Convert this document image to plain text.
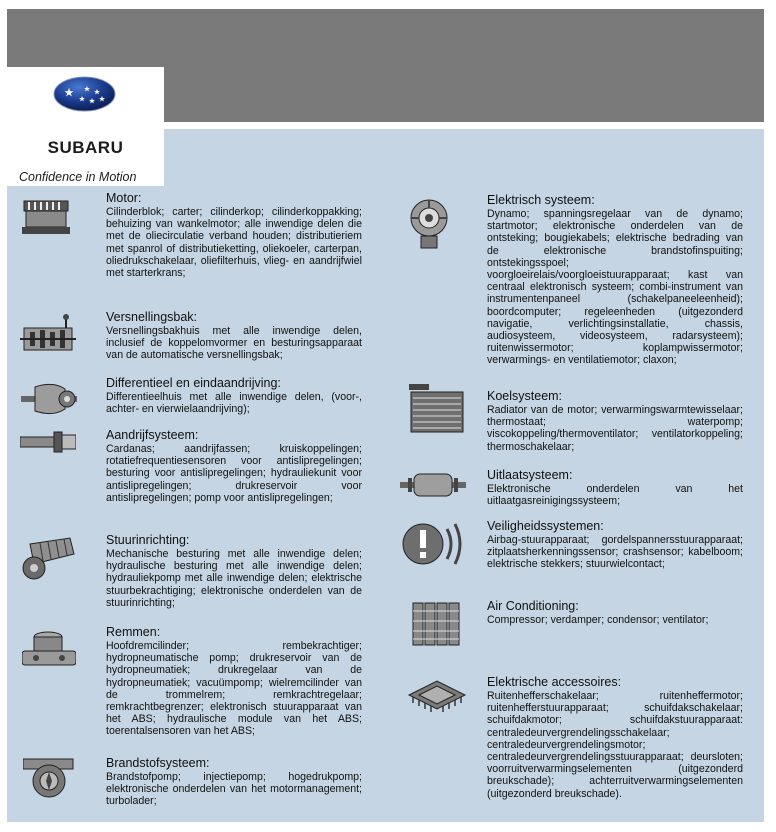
SUBARU
Confidence in Motion
Motor:

Cilinderblok; carter; cilinderkop; cilinderkoppakking; behuizing van wankelmotor; alle inwendige delen die met de oliecirculatie verband houden; distributieriem met spanrol of distributieketting, oliekoeler, carterpan, oliedrukschakelaar, oliefilterhuis, vlieg- en aandrijfwiel met starterkrans;

Versnellingsbak:

Versnellingsbakhuis met alle inwendige delen, inclusief de koppelomvormer en besturingsapparaat van de automatische versnellingsbak;

Differentieel en eindaandrijving:

Differentieelhuis met alle inwendige delen, (voor-, achter- en vierwielaandrijving);

Aandrijfsysteem:

Cardanas; aandrijfassen; kruiskoppelingen; rotatiefrequentiesensoren voor antislipregelingen; besturing voor antislipregelingen; hydrauliekunit voor antislipregelingen; drukreservoir voor antislipregelingen; pomp voor antislipregelingen;

Stuurinrichting:

Mechanische besturing met alle inwendige delen; hydraulische besturing met alle inwendige delen; hydrauliekpomp met alle inwendige delen; elektrische stuurbekrachtiging; elektronische onderdelen van de stuurinrichting;

Remmen:

Hoofdremcilinder; rembekrachtiger; hydropneumatische pomp; drukreservoir van de hydropneumatiek; drukregelaar van de hydropneumatiek; vacuümpomp; wielremcilinder van de trommelrem; remkrachtregelaar; remkrachtbegrenzer; elektronisch stuurapparaat van het ABS; hydraulische module van het ABS; toerentalsensoren van het ABS;

Brandstofsysteem:

Brandstofpomp; injectiepomp; hogedrukpomp; elektronische onderdelen van het motormanagement; turbolader;

Elektrisch systeem:

Dynamo; spanningsregelaar van de dynamo; startmotor; elektronische onderdelen van de ontsteking; bougiekabels; elektrische bedrading van de elektronische brandstofinspuiting; ontstekingsspoel; voorgloeirelais/voorgloeistuurapparaat; kast van centraal elektronisch systeem; combi-instrument van instrumentenpaneel (schakelpaneeleenheid); boordcomputer; regeleenheden (uitgezonderd navigatie, verlichtingsinstallatie, chassis, audiosysteem, videosysteem, radarsysteem); ruitenwissermotor; koplampwissermotor; verwarmings- en ventilatiemotor; claxon;

Koelsysteem:

Radiator van de motor; verwarmingswarmtewisselaar; thermostaat; waterpomp; viscokoppeling/thermoventilator; ventilatorkoppeling; thermoschakelaar;

Uitlaatsysteem:

Elektronische onderdelen van het uitlaatgasreinigingssysteem;

Veiligheidssystemen:

Airbag-stuurapparaat; gordelspannersstuurapparaat; zitplaatsherkenningssensor; crashsensor; kabelboom; elektrische stekkers; stuurwielcontact;

Air Conditioning:

Compressor; verdamper; condensor; ventilator;

Elektrische accessoires:

Ruitenhefferschakelaar; ruitenheffermotor; ruitenhefferstuurapparaat; schuifdakschakelaar; schuifdakmotor; schuifdakstuurapparaat: centraledeurvergrendelingsschakelaar; centraledeurvergrendelingsmotor; centraledeurvergrendelingsstuurapparaat; deursloten; voorruitverwarmingselementen (uitgezonderd breukschade); achterruitverwarmingselementen (uitgezonderd breukschade).
